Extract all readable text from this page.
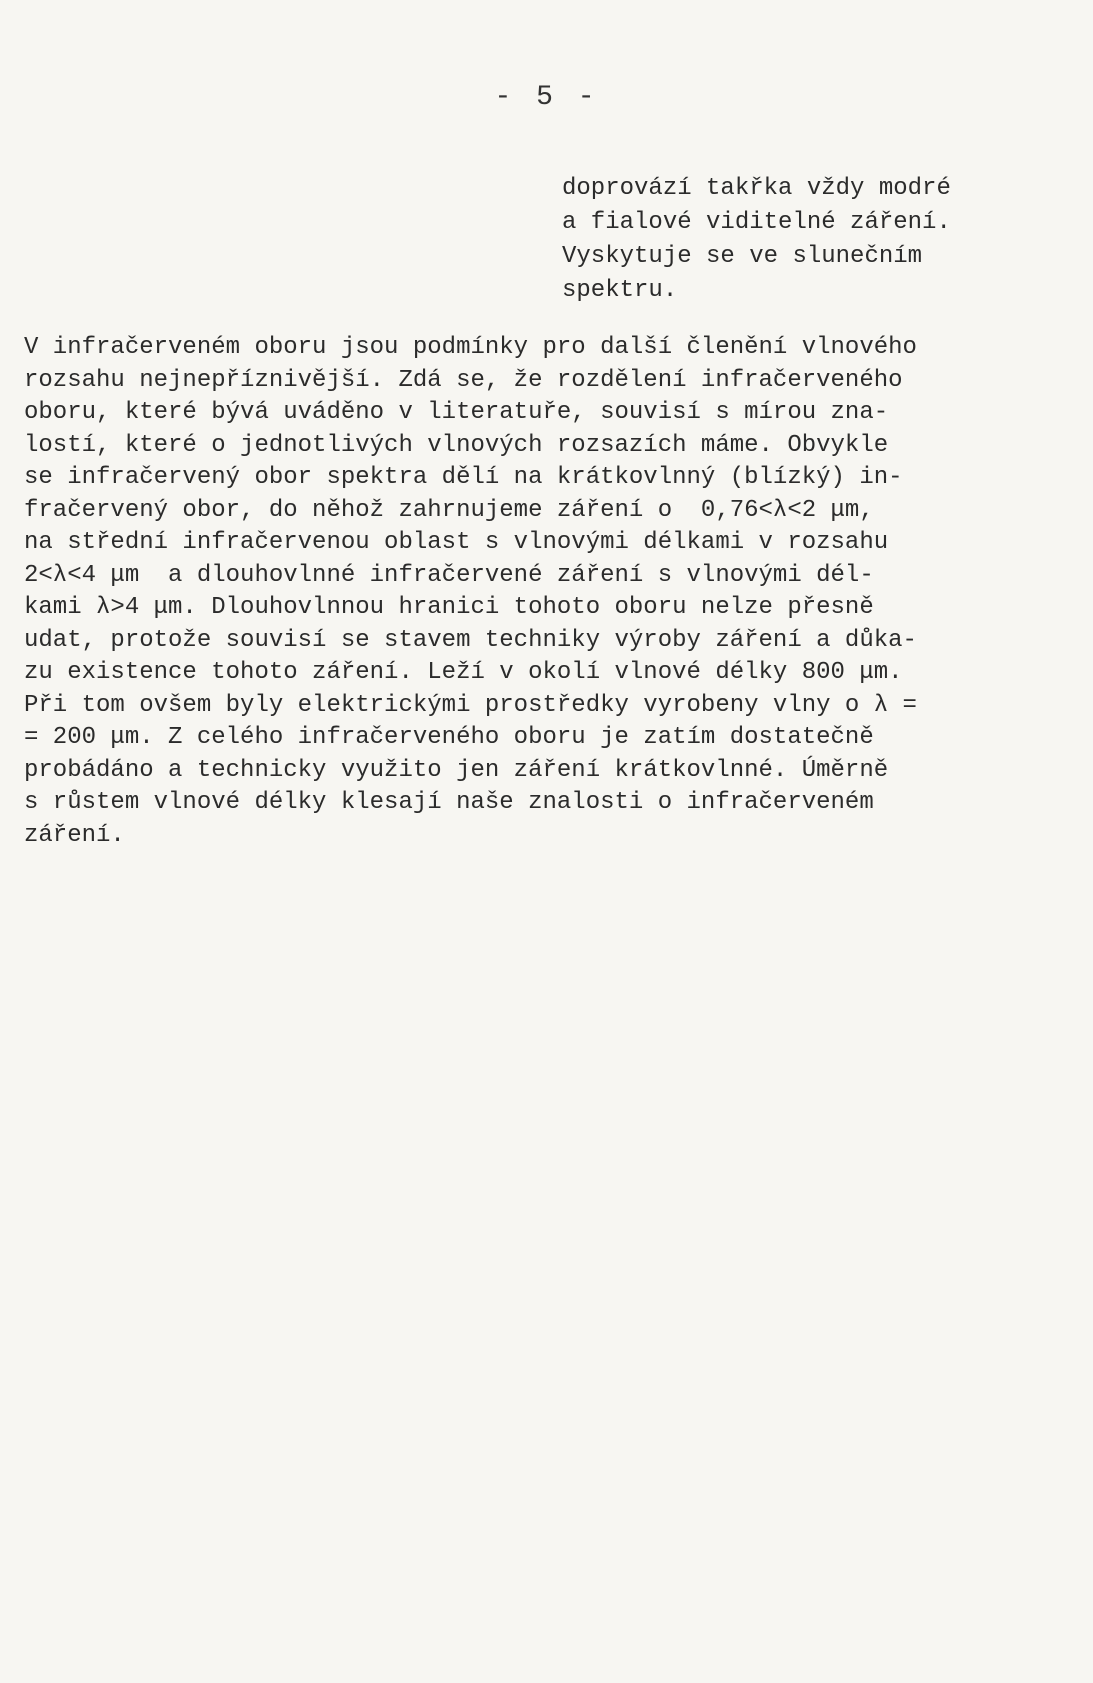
- 5 -
doprovází takřka vždy modré
a fialové viditelné záření.
Vyskytuje se ve slunečním
spektru.
V infračerveném oboru jsou podmínky pro další členění vlnového
rozsahu nejnepříznivější. Zdá se, že rozdělení infračerveného
oboru, které bývá uváděno v literatuře, souvisí s mírou zna-
lostí, které o jednotlivých vlnových rozsazích máme. Obvykle
se infračervený obor spektra dělí na krátkovlnný (blízký) in-
fračervený obor, do něhož zahrnujeme záření o  0,76<λ<2 μm,
na střední infračervenou oblast s vlnovými délkami v rozsahu
2<λ<4 μm  a dlouhovlnné infračervené záření s vlnovými dél-
kami λ>4 μm. Dlouhovlnnou hranici tohoto oboru nelze přesně
udat, protože souvisí se stavem techniky výroby záření a důka-
zu existence tohoto záření. Leží v okolí vlnové délky 800 μm.
Při tom ovšem byly elektrickými prostředky vyrobeny vlny o λ =
= 200 μm. Z celého infračerveného oboru je zatím dostatečně
probádáno a technicky využito jen záření krátkovlnné. Úměrně
s růstem vlnové délky klesají naše znalosti o infračerveném
záření.
